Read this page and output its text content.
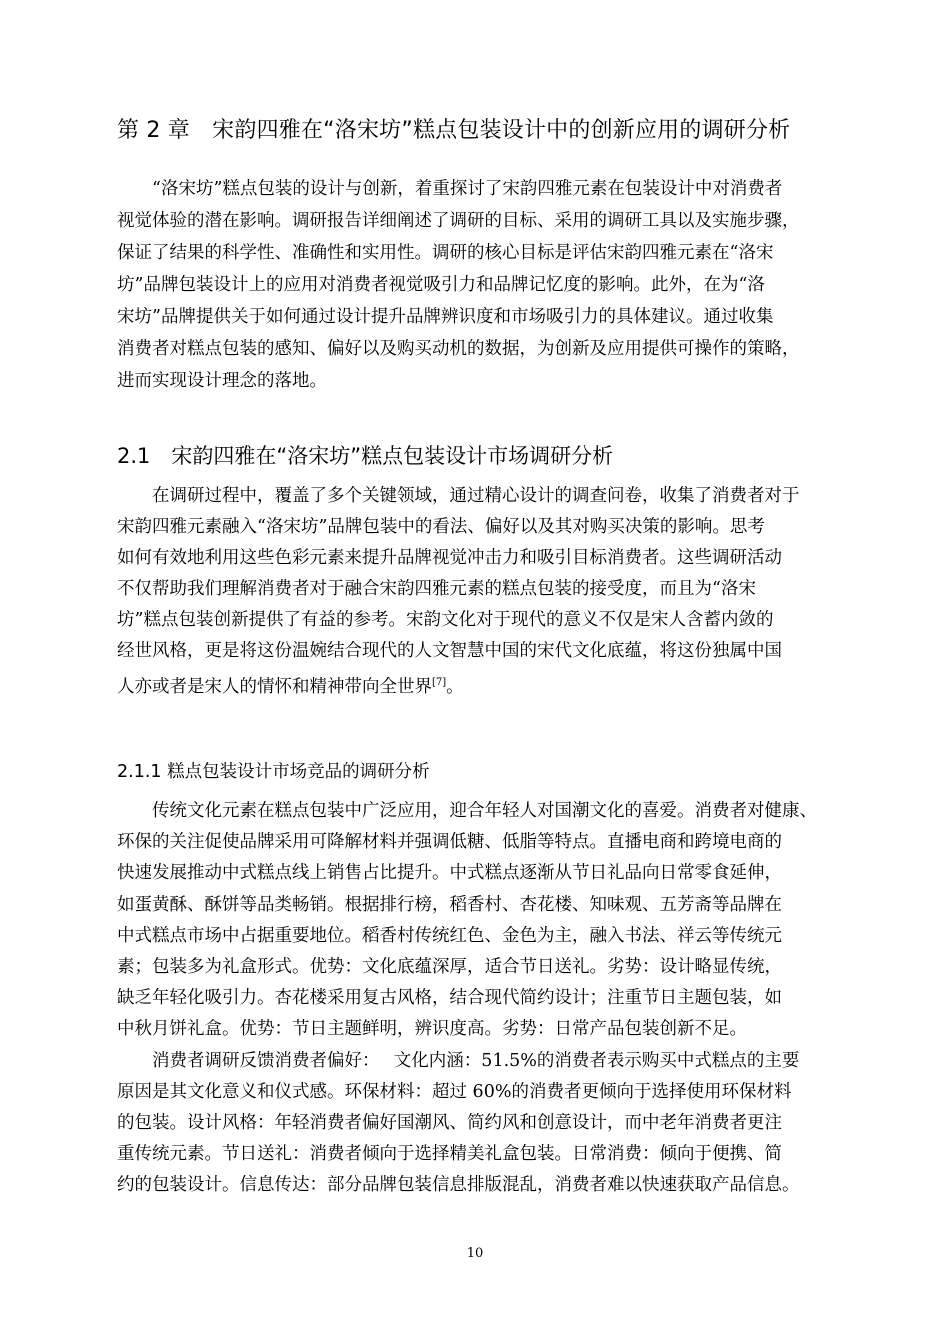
第 2 章　宋韵四雅在“洛宋坊”糕点包装设计中的创新应用的调研分析
“洛宋坊”糕点包装的设计与创新，着重探讨了宋韵四雅元素在包装设计中对消费者
视觉体验的潜在影响。调研报告详细阐述了调研的目标、采用的调研工具以及实施步骤，
保证了结果的科学性、准确性和实用性。调研的核心目标是评估宋韵四雅元素在“洛宋
坊”品牌包装设计上的应用对消费者视觉吸引力和品牌记忆度的影响。此外，在为“洛
宋坊”品牌提供关于如何通过设计提升品牌辨识度和市场吸引力的具体建议。通过收集
消费者对糕点包装的感知、偏好以及购买动机的数据，为创新及应用提供可操作的策略，
进而实现设计理念的落地。
2.1　宋韵四雅在“洛宋坊”糕点包装设计市场调研分析
在调研过程中，覆盖了多个关键领域，通过精心设计的调查问卷，收集了消费者对于
宋韵四雅元素融入“洛宋坊”品牌包装中的看法、偏好以及其对购买决策的影响。思考
如何有效地利用这些色彩元素来提升品牌视觉冲击力和吸引目标消费者。这些调研活动
不仅帮助我们理解消费者对于融合宋韵四雅元素的糕点包装的接受度，而且为“洛宋
坊”糕点包装创新提供了有益的参考。宋韵文化对于现代的意义不仅是宋人含蓄内敛的
经世风格，更是将这份温婉结合现代的人文智慧中国的宋代文化底蕴，将这份独属中国
人亦或者是宋人的情怀和精神带向全世界[7]。
2.1.1 糕点包装设计市场竞品的调研分析
传统文化元素在糕点包装中广泛应用，迎合年轻人对国潮文化的喜爱。消费者对健康、
环保的关注促使品牌采用可降解材料并强调低糖、低脂等特点。直播电商和跨境电商的
快速发展推动中式糕点线上销售占比提升。中式糕点逐渐从节日礼品向日常零食延伸，
如蛋黄酥、酥饼等品类畅销。根据排行榜，稻香村、杏花楼、知味观、五芳斋等品牌在
中式糕点市场中占据重要地位。稻香村传统红色、金色为主，融入书法、祥云等传统元
素；包装多为礼盒形式。优势：文化底蕴深厚，适合节日送礼。劣势：设计略显传统，
缺乏年轻化吸引力。杏花楼采用复古风格，结合现代简约设计；注重节日主题包装，如
中秋月饼礼盒。优势：节日主题鲜明，辨识度高。劣势：日常产品包装创新不足。
消费者调研反馈消费者偏好：　 文化内涵：51.5%的消费者表示购买中式糕点的主要
原因是其文化意义和仪式感。环保材料：超过 60%的消费者更倾向于选择使用环保材料
的包装。设计风格：年轻消费者偏好国潮风、简约风和创意设计，而中老年消费者更注
重传统元素。节日送礼：消费者倾向于选择精美礼盒包装。日常消费：倾向于便携、简
约的包装设计。信息传达：部分品牌包装信息排版混乱，消费者难以快速获取产品信息。
10
